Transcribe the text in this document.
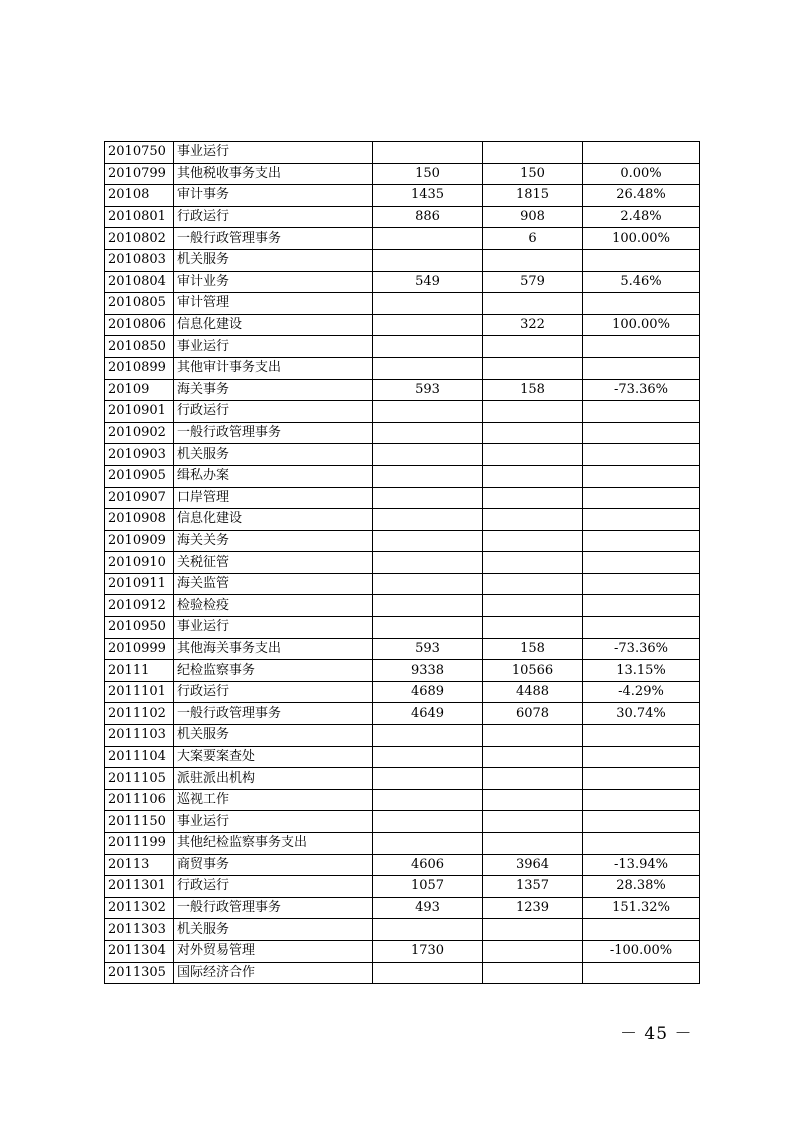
2010750	事业运行			
2010799	其他税收事务支出	150	150	0.00%
20108	审计事务	1435	1815	26.48%
2010801	行政运行	886	908	2.48%
2010802	一般行政管理事务		6	100.00%
2010803	机关服务			
2010804	审计业务	549	579	5.46%
2010805	审计管理			
2010806	信息化建设		322	100.00%
2010850	事业运行			
2010899	其他审计事务支出			
20109	海关事务	593	158	-73.36%
2010901	行政运行			
2010902	一般行政管理事务			
2010903	机关服务			
2010905	缉私办案			
2010907	口岸管理			
2010908	信息化建设			
2010909	海关关务			
2010910	关税征管			
2010911	海关监管			
2010912	检验检疫			
2010950	事业运行			
2010999	其他海关事务支出	593	158	-73.36%
20111	纪检监察事务	9338	10566	13.15%
2011101	行政运行	4689	4488	-4.29%
2011102	一般行政管理事务	4649	6078	30.74%
2011103	机关服务			
2011104	大案要案查处			
2011105	派驻派出机构			
2011106	巡视工作			
2011150	事业运行			
2011199	其他纪检监察事务支出			
20113	商贸事务	4606	3964	-13.94%
2011301	行政运行	1057	1357	28.38%
2011302	一般行政管理事务	493	1239	151.32%
2011303	机关服务			
2011304	对外贸易管理	1730		-100.00%
2011305	国际经济合作			
－ 45 －
